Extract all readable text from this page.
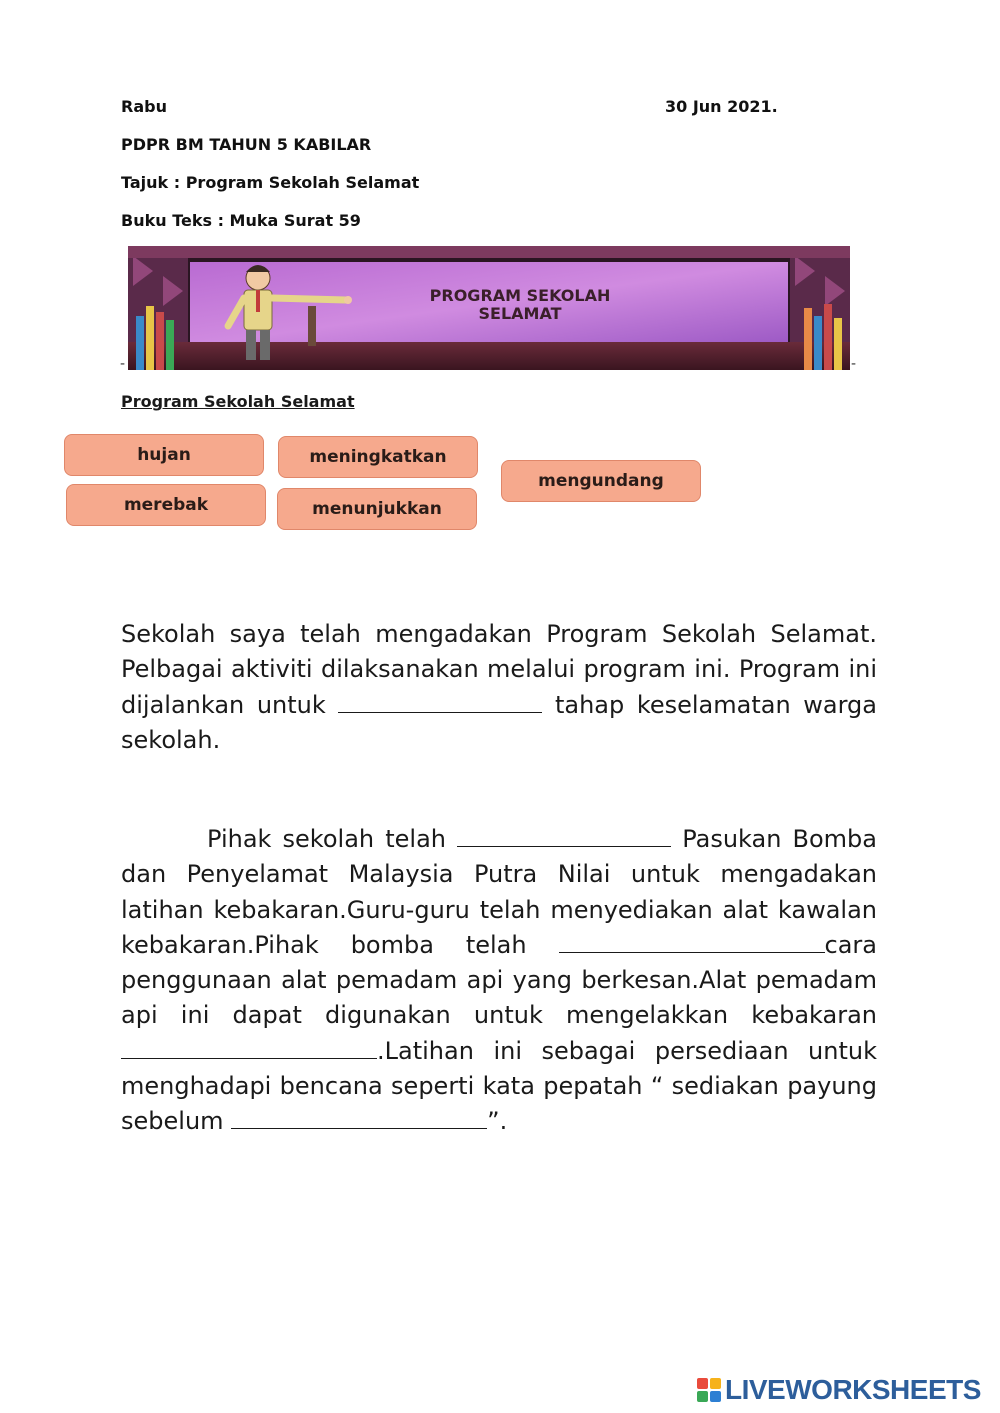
Rabu	30 Jun 2021.
PDPR BM TAHUN 5 KABILAR
Tajuk : Program Sekolah Selamat
Buku Teks : Muka Surat 59
-	-
PROGRAM SEKOLAH
SELAMAT
Program Sekolah Selamat
hujan	meningkatkan
mengundang
merebak	menunjukkan
Sekolah saya telah mengadakan Program Sekolah Selamat. Pelbagai aktiviti dilaksanakan melalui program ini. Program ini dijalankan untuk	tahap keselamatan warga sekolah.
Pihak sekolah telah	Pasukan Bomba dan Penyelamat Malaysia Putra Nilai untuk mengadakan latihan kebakaran.Guru-guru telah menyediakan alat kawalan kebakaran.Pihak bomba telah	cara penggunaan alat pemadam api yang berkesan.Alat pemadam api ini dapat digunakan untuk mengelakkan kebakaran .Latihan ini sebagai persediaan untuk menghadapi bencana seperti kata pepatah “ sediakan payung sebelum	”.
LIVEWORKSHEETS
